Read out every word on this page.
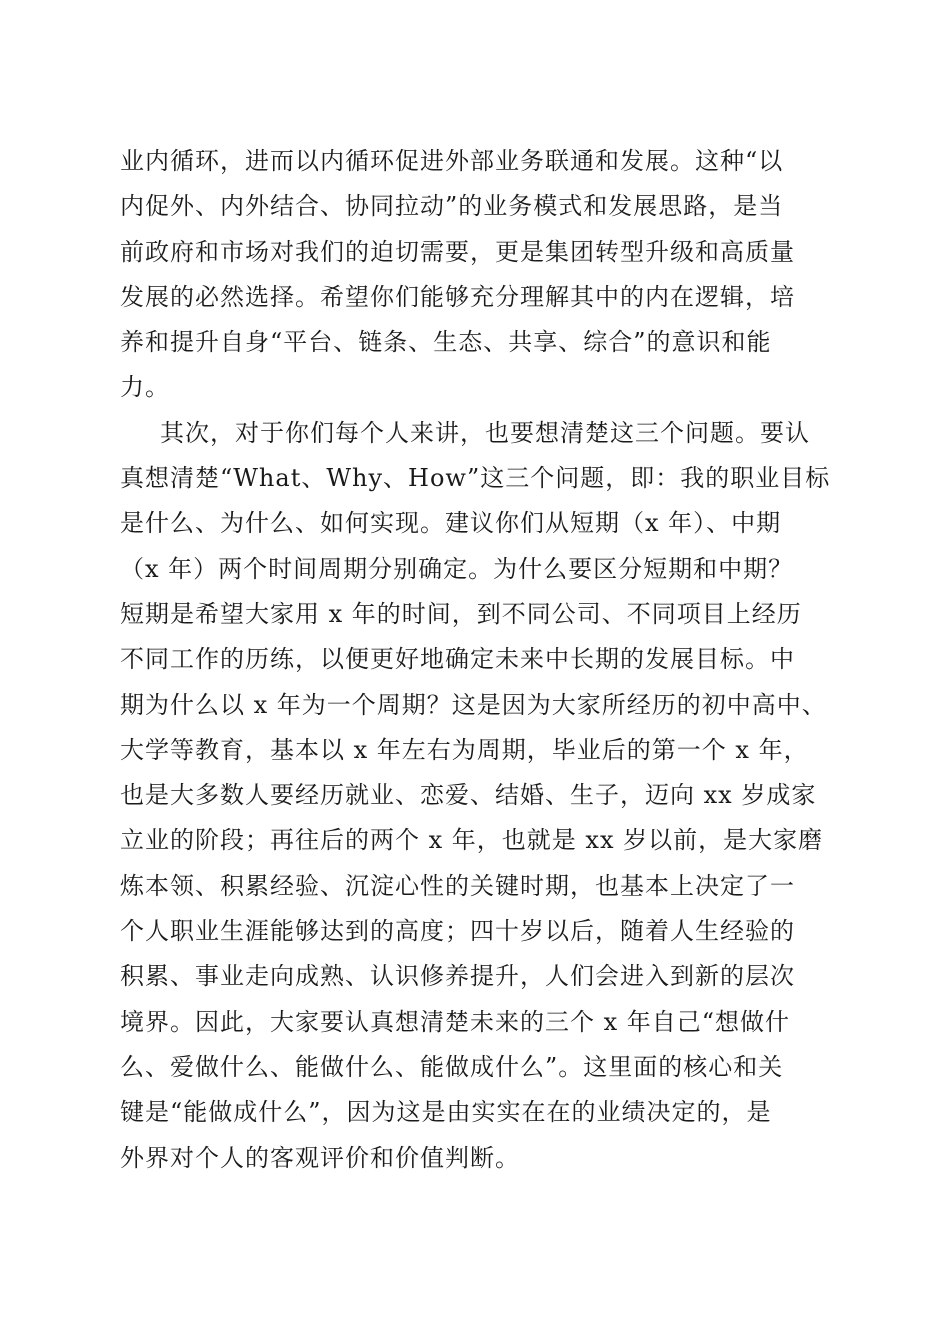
业内循环，进而以内循环促进外部业务联通和发展。这种“以
内促外、内外结合、协同拉动”的业务模式和发展思路，是当
前政府和市场对我们的迫切需要，更是集团转型升级和高质量
发展的必然选择。希望你们能够充分理解其中的内在逻辑，培
养和提升自身“平台、链条、生态、共享、综合”的意识和能
力。
其次，对于你们每个人来讲，也要想清楚这三个问题。要认
真想清楚“What、Why、How”这三个问题，即：我的职业目标
是什么、为什么、如何实现。建议你们从短期（x 年）、中期
（x 年）两个时间周期分别确定。为什么要区分短期和中期？
短期是希望大家用 x 年的时间，到不同公司、不同项目上经历
不同工作的历练，以便更好地确定未来中长期的发展目标。中
期为什么以 x 年为一个周期？这是因为大家所经历的初中高中、
大学等教育，基本以 x 年左右为周期，毕业后的第一个 x 年，
也是大多数人要经历就业、恋爱、结婚、生子，迈向 xx 岁成家
立业的阶段；再往后的两个 x 年，也就是 xx 岁以前，是大家磨
炼本领、积累经验、沉淀心性的关键时期，也基本上决定了一
个人职业生涯能够达到的高度；四十岁以后，随着人生经验的
积累、事业走向成熟、认识修养提升，人们会进入到新的层次
境界。因此，大家要认真想清楚未来的三个 x 年自己“想做什
么、爱做什么、能做什么、能做成什么”。这里面的核心和关
键是“能做成什么”，因为这是由实实在在的业绩决定的，是
外界对个人的客观评价和价值判断。
